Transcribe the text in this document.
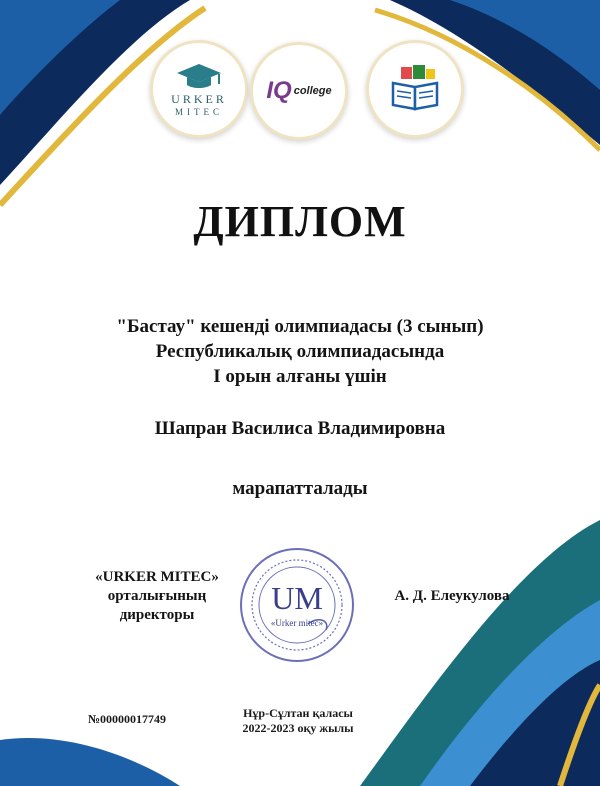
URKER
MITEC
IQ college
ДИПЛОМ
"Бастау" кешенді олимпиадасы (3 сынып)
Республикалық олимпиадасында
I орын алғаны үшін
Шапран Василиса Владимировна
марапатталады
«URKER MITEC»
орталығының
директоры	UM
«Urker mitec»
А. Д. Елеукулова
№00000017749	Нұр-Сұлтан қаласы
2022-2023 оқу жылы
